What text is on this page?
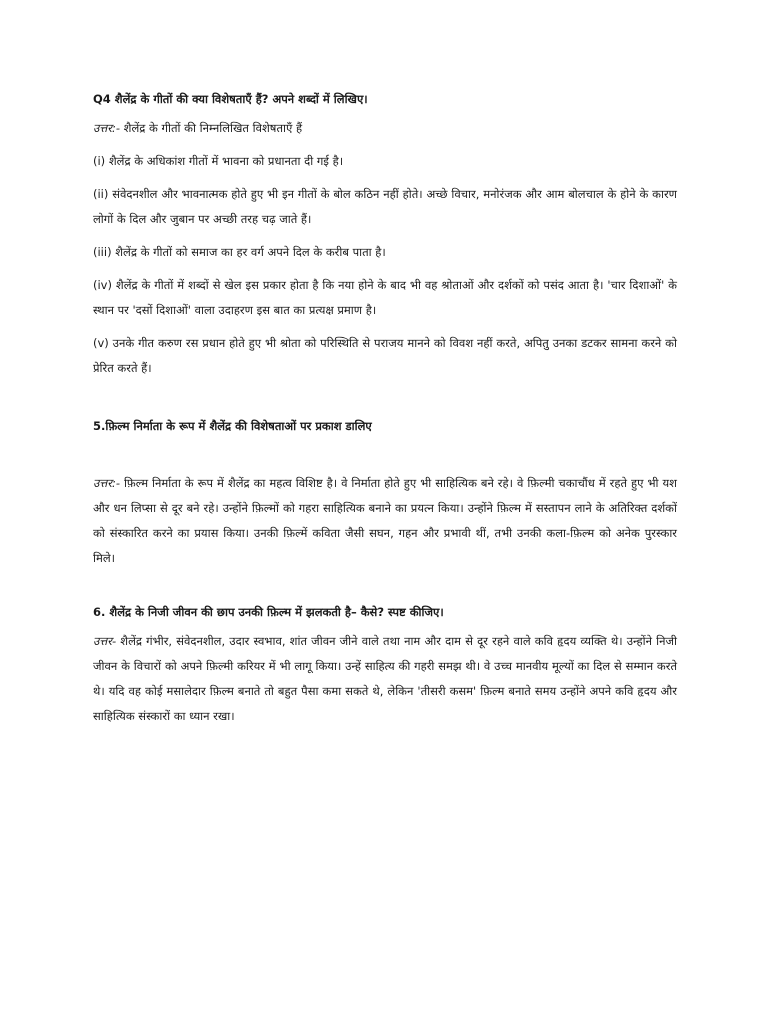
Q4 शैलेंद्र के गीतों की क्या विशेषताएँ हैं? अपने शब्दों में लिखिए।

उत्तर:- शैलेंद्र के गीतों की निम्नलिखित विशेषताएँ हैं

(i) शैलेंद्र के अधिकांश गीतों में भावना को प्रधानता दी गई है।

(ii) संवेदनशील और भावनात्मक होते हुए भी इन गीतों के बोल कठिन नहीं होते। अच्छे विचार, मनोरंजक और आम बोलचाल के होने के कारण लोगों के दिल और जुबान पर अच्छी तरह चढ़ जाते हैं।

(iii) शैलेंद्र के गीतों को समाज का हर वर्ग अपने दिल के करीब पाता है।

(iv) शैलेंद्र के गीतों में शब्दों से खेल इस प्रकार होता है कि नया होने के बाद भी वह श्रोताओं और दर्शकों को पसंद आता है। 'चार दिशाओं' के स्थान पर 'दसों दिशाओं' वाला उदाहरण इस बात का प्रत्यक्ष प्रमाण है।

(v) उनके गीत करुण रस प्रधान होते हुए भी श्रोता को परिस्थिति से पराजय मानने को विवश नहीं करते, अपितु उनका डटकर सामना करने को प्रेरित करते हैं।

5.फ़िल्म निर्माता के रूप में शैलेंद्र की विशेषताओं पर प्रकाश डालिए

उत्तर:- फ़िल्म निर्माता के रूप में शैलेंद्र का महत्व विशिष्ट है। वे निर्माता होते हुए भी साहित्यिक बने रहे। वे फ़िल्मी चकाचौंध में रहते हुए भी यश और धन लिप्सा से दूर बने रहे। उन्होंने फ़िल्मों को गहरा साहित्यिक बनाने का प्रयत्न किया। उन्होंने फ़िल्म में सस्तापन लाने के अतिरिक्त दर्शकों को संस्कारित करने का प्रयास किया। उनकी फ़िल्में कविता जैसी सघन, गहन और प्रभावी थीं, तभी उनकी कला-फ़िल्म को अनेक पुरस्कार मिले।

6. शैलेंद्र के निजी जीवन की छाप उनकी फ़िल्म में झलकती है– कैसे? स्पष्ट कीजिए।

उत्तर- शैलेंद्र गंभीर, संवेदनशील, उदार स्वभाव, शांत जीवन जीने वाले तथा नाम और दाम से दूर रहने वाले कवि हृदय व्यक्ति थे। उन्होंने निजी जीवन के विचारों को अपने फ़िल्मी करियर में भी लागू किया। उन्हें साहित्य की गहरी समझ थी। वे उच्च मानवीय मूल्यों का दिल से सम्मान करते थे। यदि वह कोई मसालेदार फ़िल्म बनाते तो बहुत पैसा कमा सकते थे, लेकिन 'तीसरी कसम' फ़िल्म बनाते समय उन्होंने अपने कवि हृदय और साहित्यिक संस्कारों का ध्यान रखा।
